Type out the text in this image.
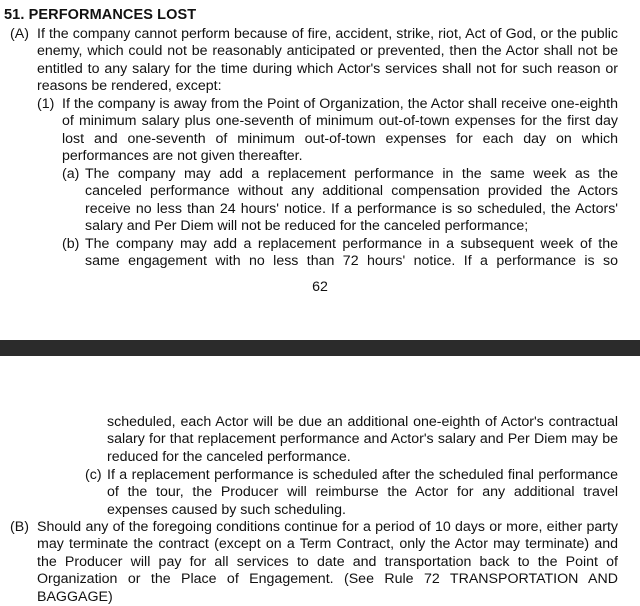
51. PERFORMANCES LOST
(A) If the company cannot perform because of fire, accident, strike, riot, Act of God, or the public enemy, which could not be reasonably anticipated or prevented, then the Actor shall not be entitled to any salary for the time during which Actor's services shall not for such reason or reasons be rendered, except:
(1) If the company is away from the Point of Organization, the Actor shall receive one-eighth of minimum salary plus one-seventh of minimum out-of-town expenses for the first day lost and one-seventh of minimum out-of-town expenses for each day on which performances are not given thereafter.
(a) The company may add a replacement performance in the same week as the canceled performance without any additional compensation provided the Actors receive no less than 24 hours' notice. If a performance is so scheduled, the Actors' salary and Per Diem will not be reduced for the canceled performance;
(b) The company may add a replacement performance in a subsequent week of the same engagement with no less than 72 hours' notice. If a performance is so
62
scheduled, each Actor will be due an additional one-eighth of Actor's contractual salary for that replacement performance and Actor's salary and Per Diem may be reduced for the canceled performance.
(c) If a replacement performance is scheduled after the scheduled final performance of the tour, the Producer will reimburse the Actor for any additional travel expenses caused by such scheduling.
(B) Should any of the foregoing conditions continue for a period of 10 days or more, either party may terminate the contract (except on a Term Contract, only the Actor may terminate) and the Producer will pay for all services to date and transportation back to the Point of Organization or the Place of Engagement. (See Rule 72 TRANSPORTATION AND BAGGAGE)
